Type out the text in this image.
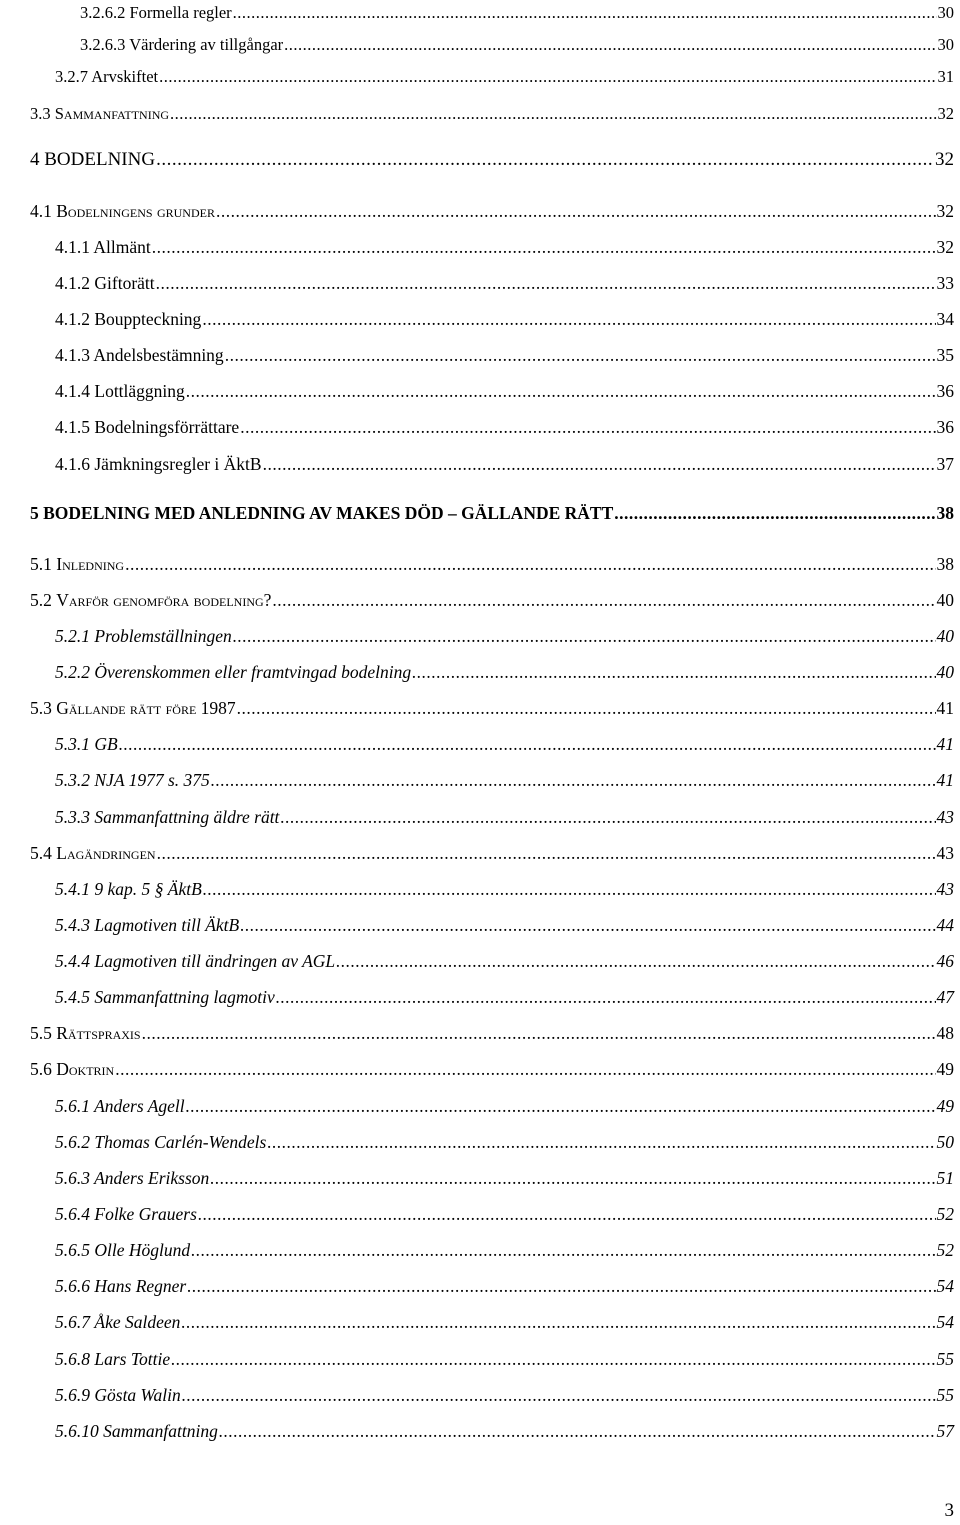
3.2.6.2 Formella regler .....	30
3.2.6.3 Värdering av tillgångar .....	30
3.2.7 Arvskiftet .....	31
3.3 Sammanfattning .....	32
4 BODELNING .....	32
4.1 Bodelningens grunder .....	32
4.1.1 Allmänt .....	32
4.1.2 Giftorätt .....	33
4.1.2 Bouppteckning .....	34
4.1.3 Andelsbestämning .....	35
4.1.4 Lottläggning .....	36
4.1.5 Bodelningsförrättare .....	36
4.1.6 Jämkningsregler i ÄktB .....	37
5 BODELNING MED ANLEDNING AV MAKES DÖD – GÄLLANDE RÄTT .....	38
5.1 Inledning .....	38
5.2 Varför genomföra bodelning? .....	40
5.2.1 Problemställningen .....	40
5.2.2 Överenskommen eller framtvingad bodelning .....	40
5.3 Gällande rätt före 1987 .....	41
5.3.1 GB .....	41
5.3.2 NJA 1977 s. 375 .....	41
5.3.3 Sammanfattning äldre rätt .....	43
5.4 Lagändringen .....	43
5.4.1 9 kap. 5 § ÄktB .....	43
5.4.3 Lagmotiven till ÄktB .....	44
5.4.4 Lagmotiven till ändringen av AGL .....	46
5.4.5 Sammanfattning lagmotiv .....	47
5.5 Rättspraxis .....	48
5.6 Doktrin .....	49
5.6.1 Anders Agell .....	49
5.6.2 Thomas Carlén-Wendels .....	50
5.6.3 Anders Eriksson .....	51
5.6.4 Folke Grauers .....	52
5.6.5 Olle Höglund .....	52
5.6.6 Hans Regner .....	54
5.6.7 Åke Saldeen .....	54
5.6.8 Lars Tottie .....	55
5.6.9 Gösta Walin .....	55
5.6.10 Sammanfattning .....	57
3
